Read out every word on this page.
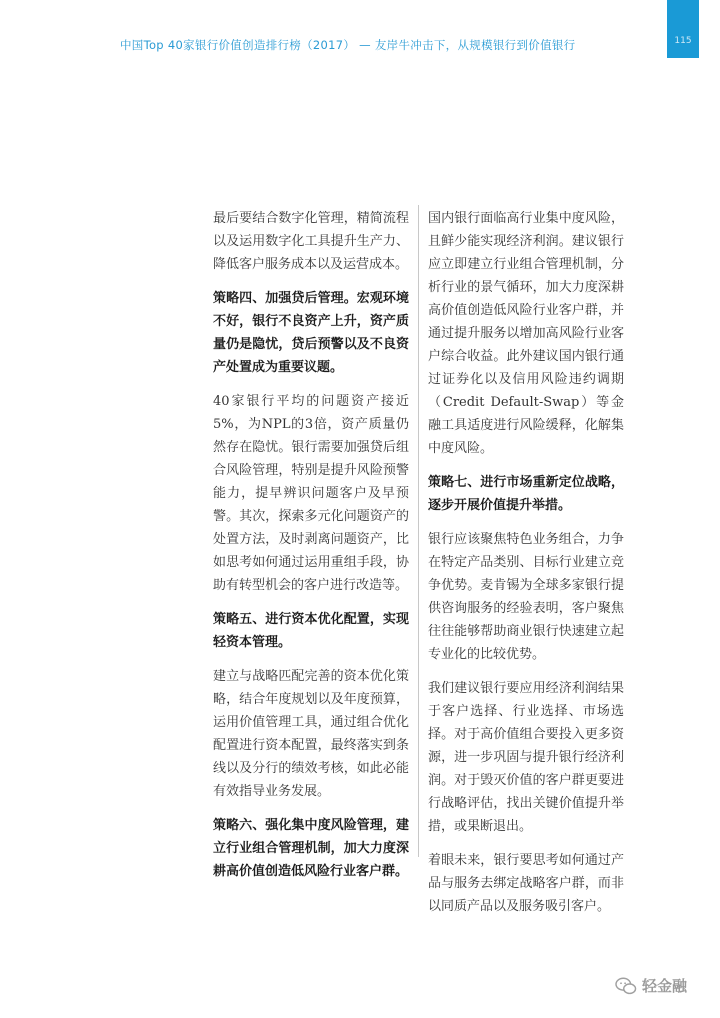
115
中国Top 40家银行价值创造排行榜（2017） — 友岸牛冲击下，从规模银行到价值银行

最后要结合数字化管理，精简流程以及运用数字化工具提升生产力、降低客户服务成本以及运营成本。

策略四、加强贷后管理。宏观环境不好，银行不良资产上升，资产质量仍是隐忧，贷后预警以及不良资产处置成为重要议题。

40家银行平均的问题资产接近5%，为NPL的3倍，资产质量仍然存在隐忧。银行需要加强贷后组合风险管理，特别是提升风险预警能力，提早辨识问题客户及早预警。其次，探索多元化问题资产的处置方法，及时剥离问题资产，比如思考如何通过运用重组手段，协助有转型机会的客户进行改造等。

策略五、进行资本优化配置，实现轻资本管理。

建立与战略匹配完善的资本优化策略，结合年度规划以及年度预算，运用价值管理工具，通过组合优化配置进行资本配置，最终落实到条线以及分行的绩效考核，如此必能有效指导业务发展。

策略六、强化集中度风险管理，建立行业组合管理机制，加大力度深耕高价值创造低风险行业客户群。

国内银行面临高行业集中度风险，且鲜少能实现经济利润。建议银行应立即建立行业组合管理机制，分析行业的景气循环，加大力度深耕高价值创造低风险行业客户群，并通过提升服务以增加高风险行业客户综合收益。此外建议国内银行通过证券化以及信用风险违约调期（Credit Default-Swap）等金融工具适度进行风险缓释，化解集中度风险。

策略七、进行市场重新定位战略，逐步开展价值提升举措。

银行应该聚焦特色业务组合，力争在特定产品类别、目标行业建立竞争优势。麦肯锡为全球多家银行提供咨询服务的经验表明，客户聚焦往往能够帮助商业银行快速建立起专业化的比较优势。

我们建议银行要应用经济利润结果于客户选择、行业选择、市场选择。对于高价值组合要投入更多资源，进一步巩固与提升银行经济利润。对于毁灭价值的客户群更要进行战略评估，找出关键价值提升举措，或果断退出。

着眼未来，银行要思考如何通过产品与服务去绑定战略客户群，而非以同质产品以及服务吸引客户。

轻金融
